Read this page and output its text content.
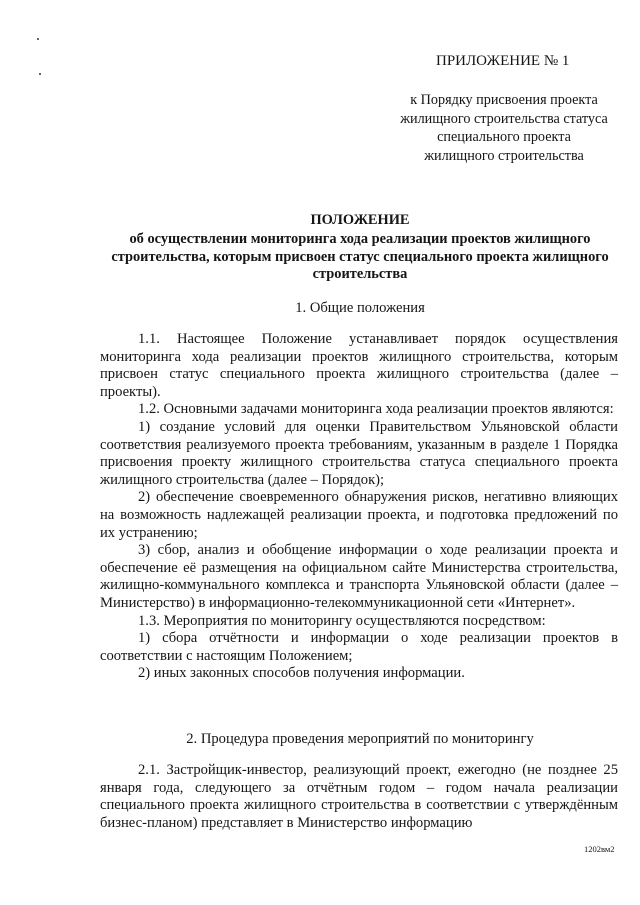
ПРИЛОЖЕНИЕ № 1
к Порядку присвоения проекта
жилищного строительства статуса
специального проекта
жилищного строительства
ПОЛОЖЕНИЕ
об осуществлении мониторинга хода реализации проектов жилищного строительства, которым присвоен статус специального проекта жилищного строительства
1. Общие положения

1.1. Настоящее Положение устанавливает порядок осуществления мониторинга хода реализации проектов жилищного строительства, которым присвоен статус специального проекта жилищного строительства (далее – проекты).

1.2. Основными задачами мониторинга хода реализации проектов являются:

1) создание условий для оценки Правительством Ульяновской области соответствия реализуемого проекта требованиям, указанным в разделе 1 Порядка присвоения проекту жилищного строительства статуса специального проекта жилищного строительства (далее – Порядок);

2) обеспечение своевременного обнаружения рисков, негативно влияющих на возможность надлежащей реализации проекта, и подготовка предложений по их устранению;

3) сбор, анализ и обобщение информации о ходе реализации проекта и обеспечение её размещения на официальном сайте Министерства строительства, жилищно-коммунального комплекса и транспорта Ульяновской области (далее – Министерство) в информационно-телекоммуникационной сети «Интернет».

1.3. Мероприятия по мониторингу осуществляются посредством:

1) сбора отчётности и информации о ходе реализации проектов в соответствии с настоящим Положением;

2) иных законных способов получения информации.

2. Процедура проведения мероприятий по мониторингу

2.1. Застройщик-инвестор, реализующий проект, ежегодно (не позднее 25 января года, следующего за отчётным годом – годом начала реализации специального проекта жилищного строительства в соответствии с утверждённым бизнес-планом) представляет в Министерство информацию

1202вм2
